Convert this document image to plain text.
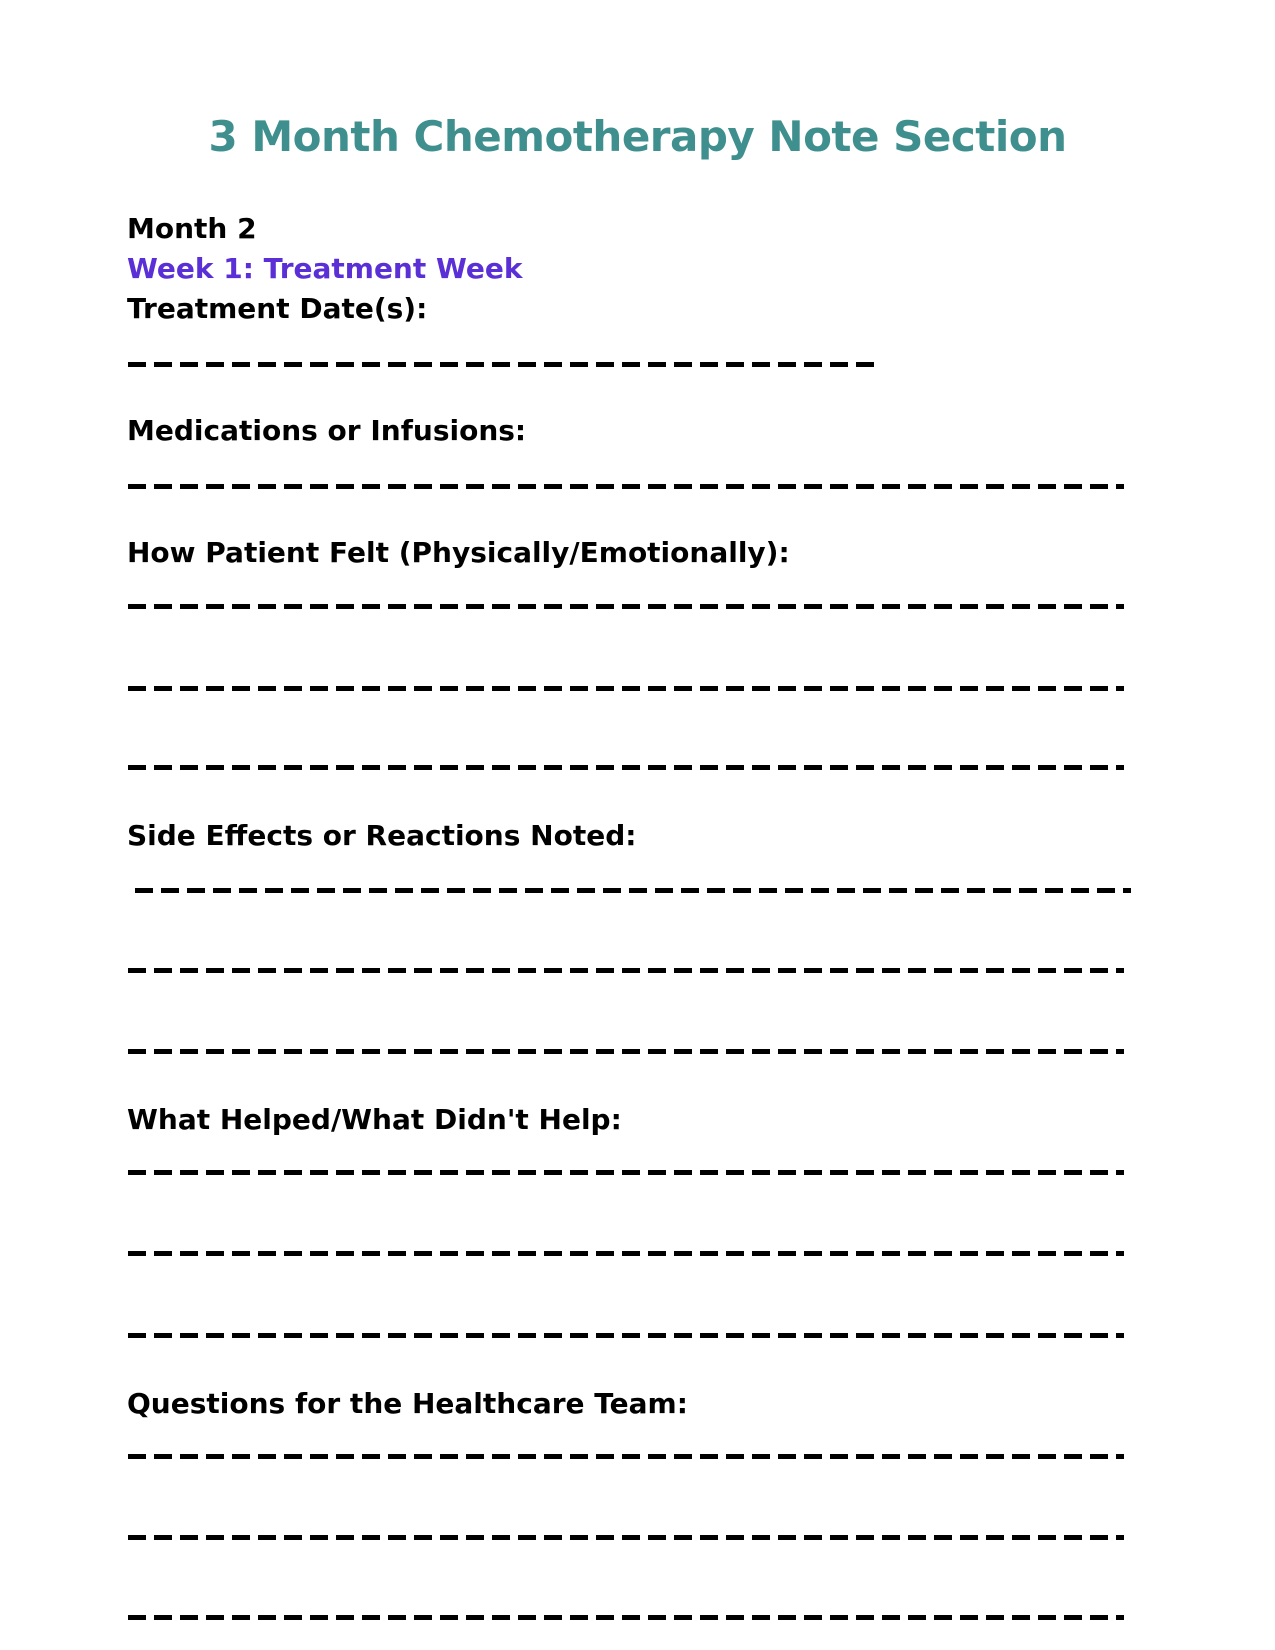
3 Month Chemotherapy Note Section

Month 2

Week 1: Treatment Week

Treatment Date(s):

Medications or Infusions:

How Patient Felt (Physically/Emotionally):

Side Effects or Reactions Noted:

What Helped/What Didn't Help:

Questions for the Healthcare Team:
